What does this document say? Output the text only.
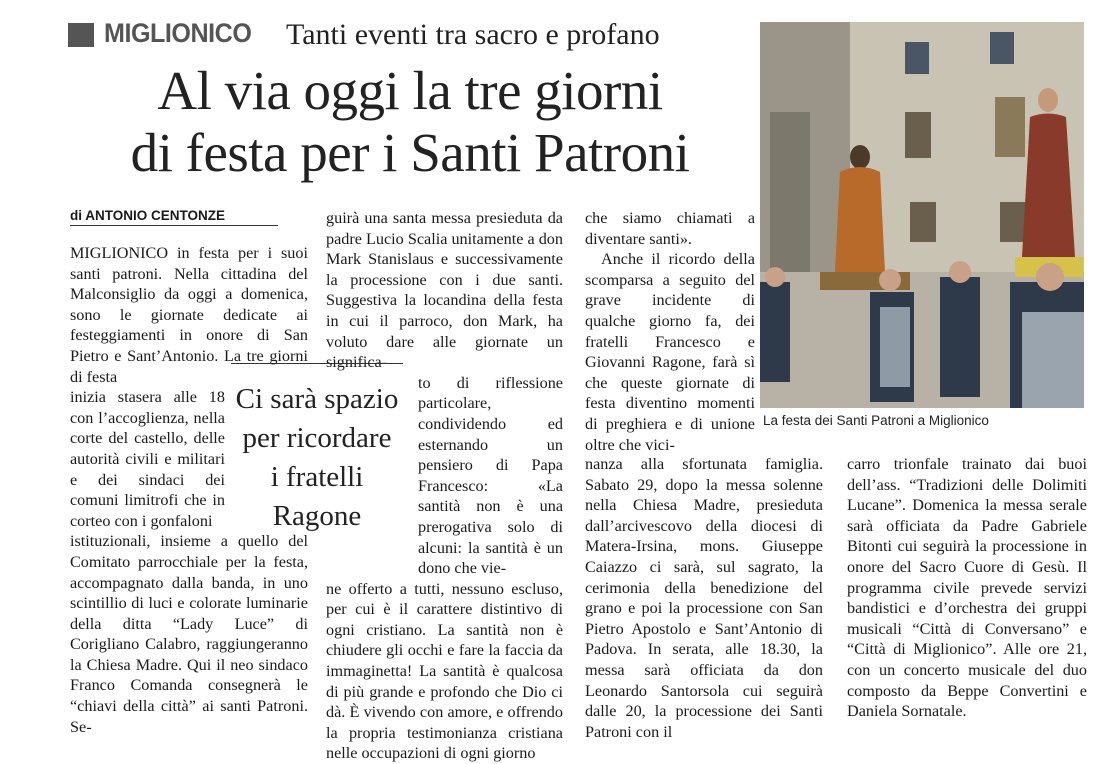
MIGLIONICO Tanti eventi tra sacro e profano
Al via oggi la tre giorni
di festa per i Santi Patroni
di ANTONIO CENTONZE
MIGLIONICO in festa per i suoi santi patroni. Nella cittadina del Malconsiglio da oggi a domenica, sono le giornate dedicate ai festeggiamenti in onore di San Pietro e Sant’Antonio. La tre giorni di festa
inizia stasera alle 18 con l’accoglienza, nella corte del castello, delle autorità civili e militari e dei sindaci dei comuni limitrofi che in corteo con i gonfaloni
istituzionali, insieme a quello del Comitato parrocchiale per la festa, accompagnato dalla banda, in uno scintillio di luci e colorate luminarie della ditta “Lady Luce” di Corigliano Calabro, raggiungeranno la Chiesa Madre. Qui il neo sindaco Franco Comanda consegnerà le “chiavi della città” ai santi Patroni. Se-
guirà una santa messa presieduta da padre Lucio Scalia unitamente a don Mark Stanislaus e successivamente la processione con i due santi. Suggestiva la locandina della festa in cui il parroco, don Mark, ha voluto dare alle giornate un significa-
to di riflessione particolare, condividendo ed esternando un pensiero di Papa Francesco: «La santità non è una prerogativa solo di alcuni: la santità è un dono che vie-
ne offerto a tutti, nessuno escluso, per cui è il carattere distintivo di ogni cristiano. La santità non è chiudere gli occhi e fare la faccia da immaginetta! La santità è qualcosa di più grande e profondo che Dio ci dà. È vivendo con amore, e offrendo la propria testimonianza cristiana nelle occupazioni di ogni giorno
che siamo chiamati a diventare santi».
Anche il ricordo della scomparsa a seguito del grave incidente di qualche giorno fa, dei fratelli Francesco e Giovanni Ragone, farà sì che queste giornate di festa diventino momenti di preghiera e di unione oltre che vici-
nanza alla sfortunata famiglia. Sabato 29, dopo la messa solenne nella Chiesa Madre, presieduta dall’arcivescovo della diocesi di Matera-Irsina, mons. Giuseppe Caiazzo ci sarà, sul sagrato, la cerimonia della benedizione del grano e poi la processione con San Pietro Apostolo e Sant’Antonio di Padova. In serata, alle 18.30, la messa sarà officiata da don Leonardo Santorsola cui seguirà dalle 20, la processione dei Santi Patroni con il
carro trionfale trainato dai buoi dell’ass. “Tradizioni delle Dolimiti Lucane”. Domenica la messa serale sarà officiata da Padre Gabriele Bitonti cui seguirà la processione in onore del Sacro Cuore di Gesù. Il programma civile prevede servizi bandistici e d’orchestra dei gruppi musicali “Città di Conversano” e “Città di Miglionico”. Alle ore 21, con un concerto musicale del duo composto da Beppe Convertini e Daniela Sornatale.
Ci sarà spazio
per ricordare
i fratelli Ragone
La festa dei Santi Patroni a Miglionico
